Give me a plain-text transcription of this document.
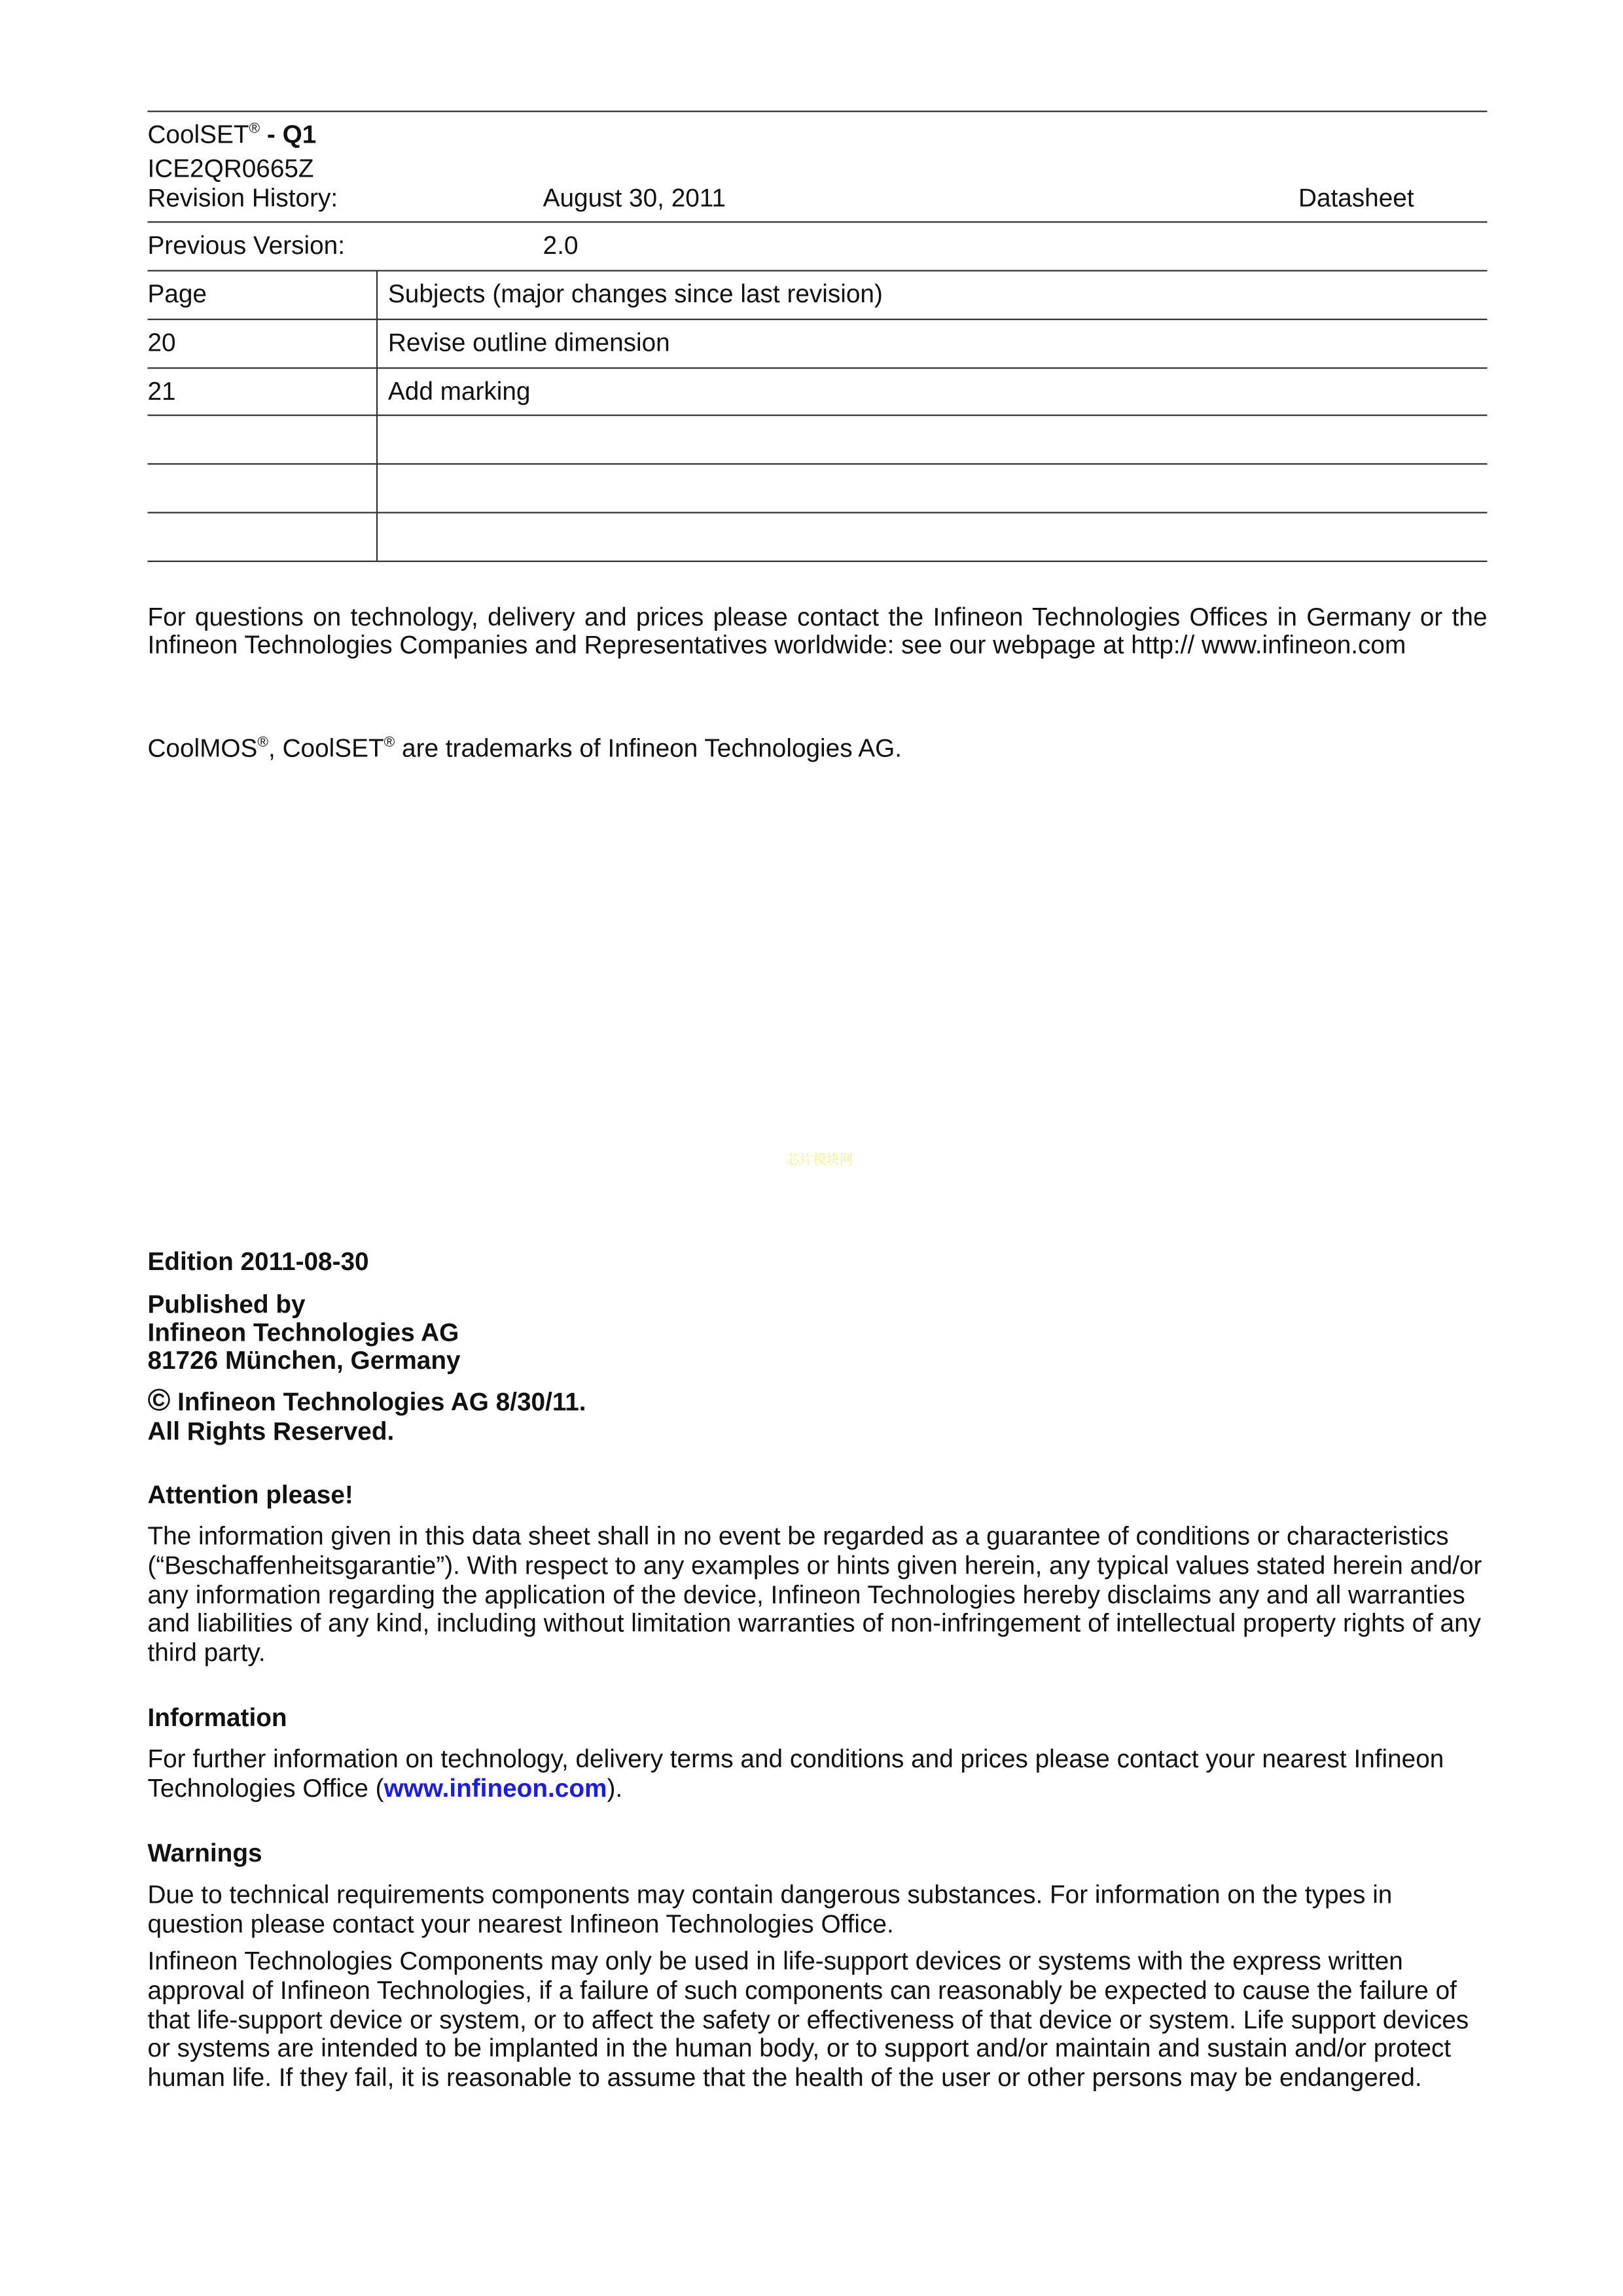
CoolSET® - Q1
ICE2QR0665Z
Revision History:	August 30, 2011	Datasheet
Previous Version:	2.0
Page	Subjects (major changes since last revision)
20	Revise outline dimension
21	Add marking
For questions on technology, delivery and prices please contact the Infineon Technologies Offices in Germany or the Infineon Technologies Companies and Representatives worldwide: see our webpage at http:// www.infineon.com
CoolMOS®, CoolSET® are trademarks of Infineon Technologies AG.
芯片模块网
Edition 2011-08-30
Published by
Infineon Technologies AG
81726 München, Germany
© Infineon Technologies AG 8/30/11.
All Rights Reserved.
Attention please!
The information given in this data sheet shall in no event be regarded as a guarantee of conditions or characteristics (“Beschaffenheitsgarantie”). With respect to any examples or hints given herein, any typical values stated herein and/or any information regarding the application of the device, Infineon Technologies hereby disclaims any and all warranties and liabilities of any kind, including without limitation warranties of non-infringement of intellectual property rights of any third party.
Information
For further information on technology, delivery terms and conditions and prices please contact your nearest Infineon Technologies Office (www.infineon.com).
Warnings
Due to technical requirements components may contain dangerous substances. For information on the types in question please contact your nearest Infineon Technologies Office.
Infineon Technologies Components may only be used in life-support devices or systems with the express written approval of Infineon Technologies, if a failure of such components can reasonably be expected to cause the failure of that life-support device or system, or to affect the safety or effectiveness of that device or system. Life support devices or systems are intended to be implanted in the human body, or to support and/or maintain and sustain and/or protect human life. If they fail, it is reasonable to assume that the health of the user or other persons may be endangered.
